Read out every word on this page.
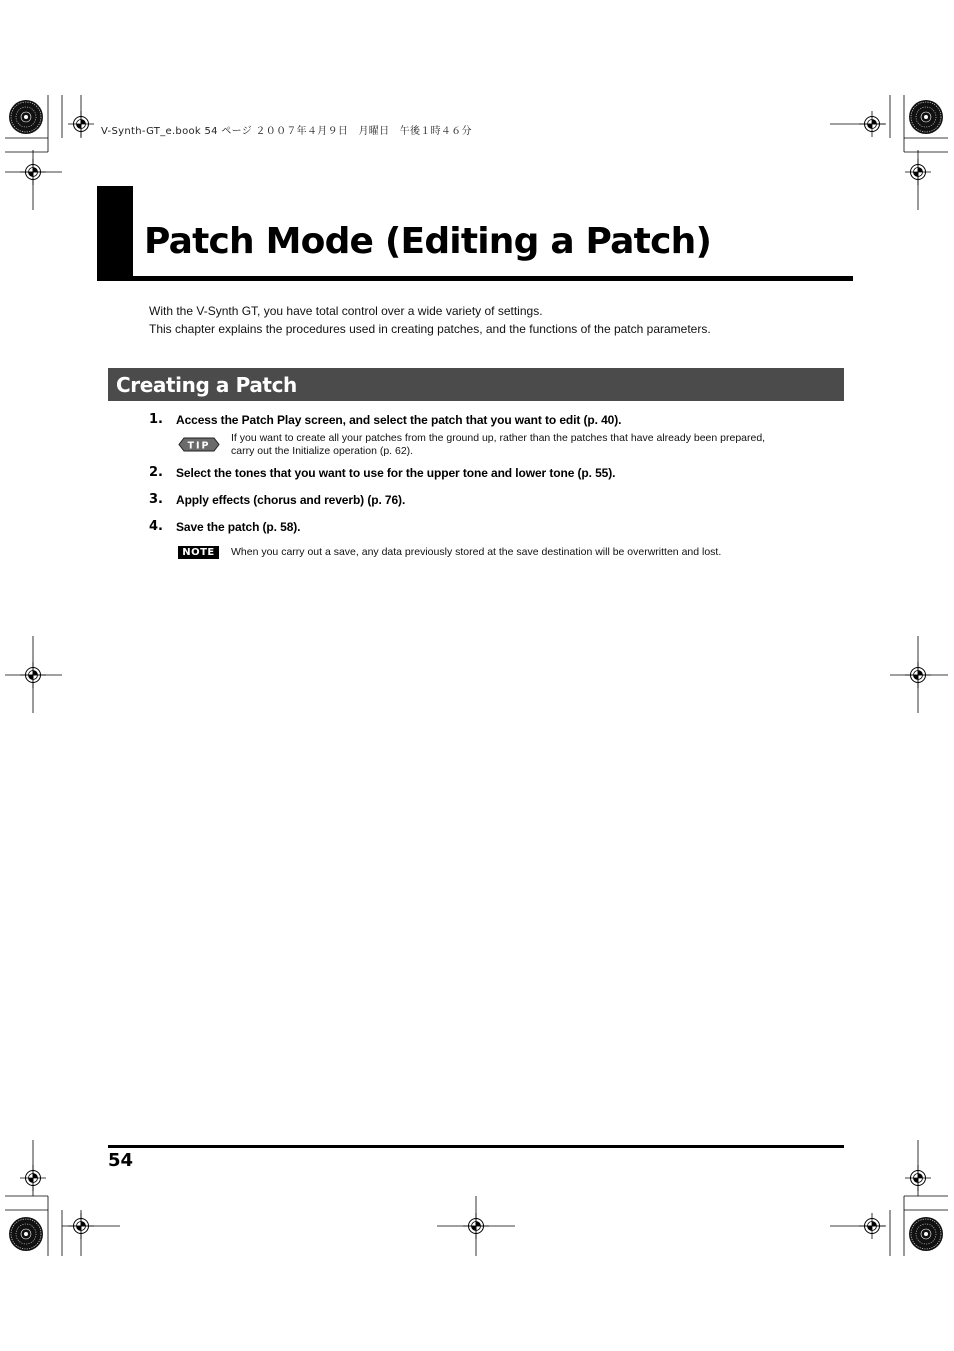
V-Synth-GT_e.book 54 ページ ２００７年４月９日　月曜日　午後１時４６分
Patch Mode (Editing a Patch)

With the V-Synth GT, you have total control over a wide variety of settings.

This chapter explains the procedures used in creating patches, and the functions of the patch parameters.

Creating a Patch
1. Access the Patch Play screen, and select the patch that you want to edit (p. 40).
TIP
If you want to create all your patches from the ground up, rather than the patches that have already been prepared,
carry out the Initialize operation (p. 62).
2. Select the tones that you want to use for the upper tone and lower tone (p. 55).
3. Apply effects (chorus and reverb) (p. 76).
4. Save the patch (p. 58).
NOTE	When you carry out a save, any data previously stored at the save destination will be overwritten and lost.
54
